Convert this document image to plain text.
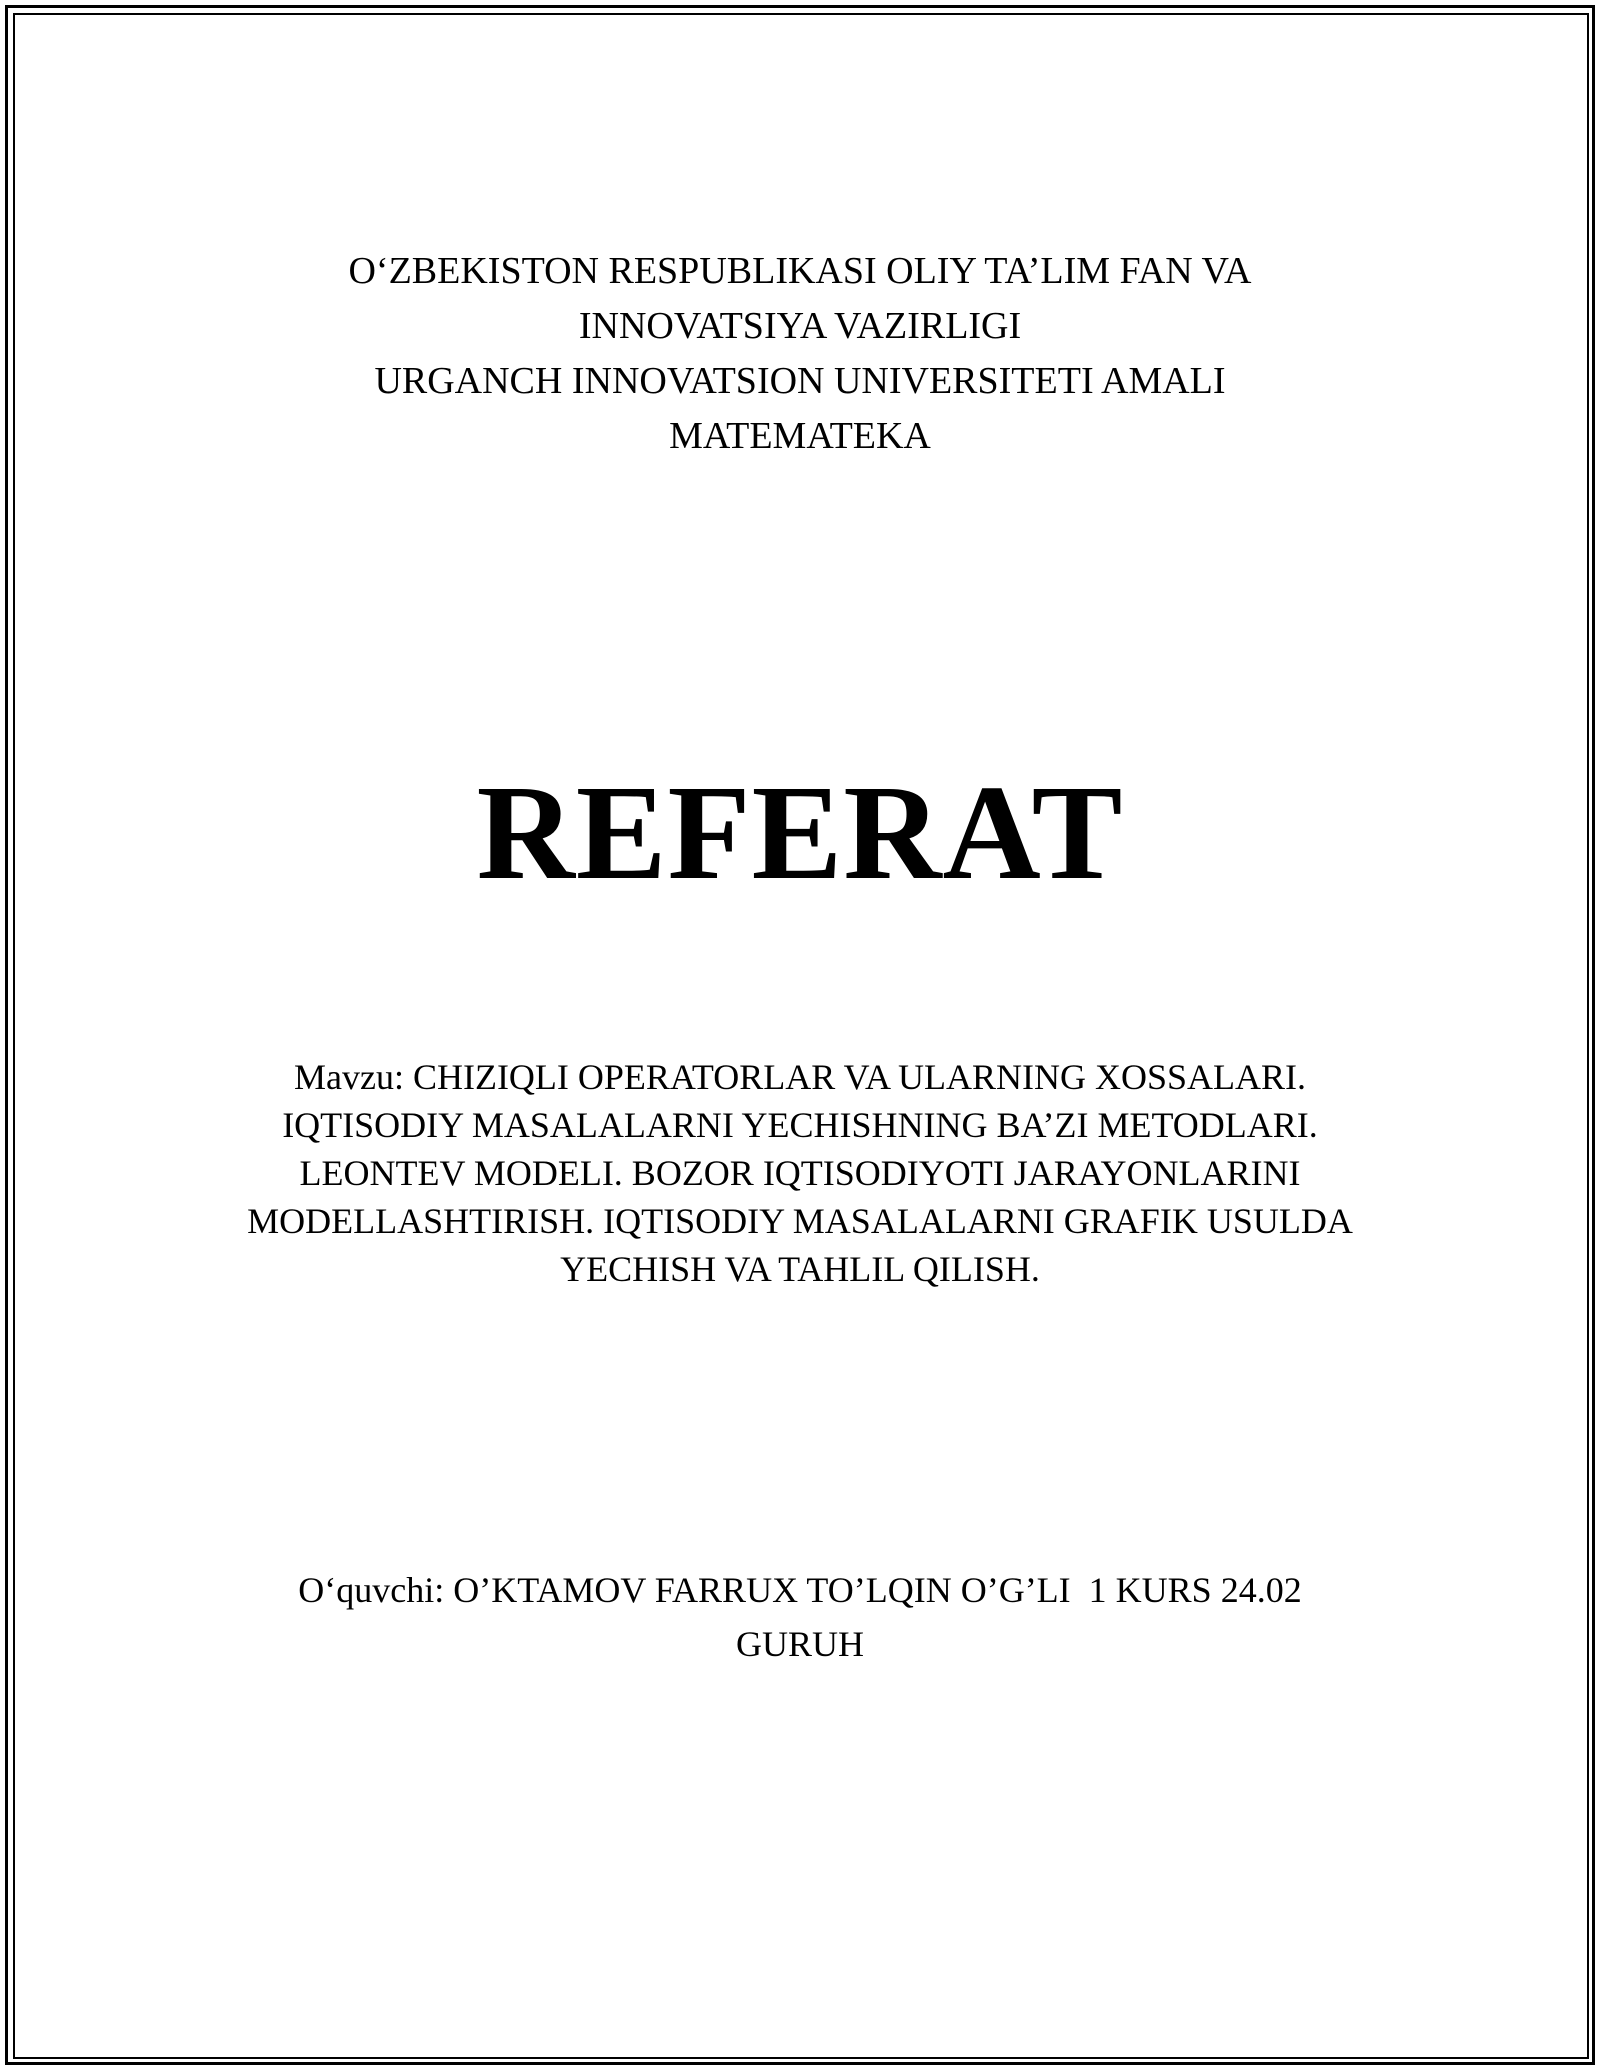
O‘ZBEKISTON RESPUBLIKASI OLIY TA’LIM FAN VA
INNOVATSIYA VAZIRLIGI
URGANCH INNOVATSION UNIVERSITETI AMALI
MATEMATEKA
REFERAT
Mavzu: CHIZIQLI OPERATORLAR VA ULARNING XOSSALARI.
IQTISODIY MASALALARNI YECHISHNING BA’ZI METODLARI.
LEONTEV MODELI. BOZOR IQTISODIYOTI JARAYONLARINI
MODELLASHTIRISH. IQTISODIY MASALALARNI GRAFIK USULDA
YECHISH VA TAHLIL QILISH.
O‘quvchi: O’KTAMOV FARRUX TO’LQIN O’G’LI  1 KURS 24.02
GURUH
